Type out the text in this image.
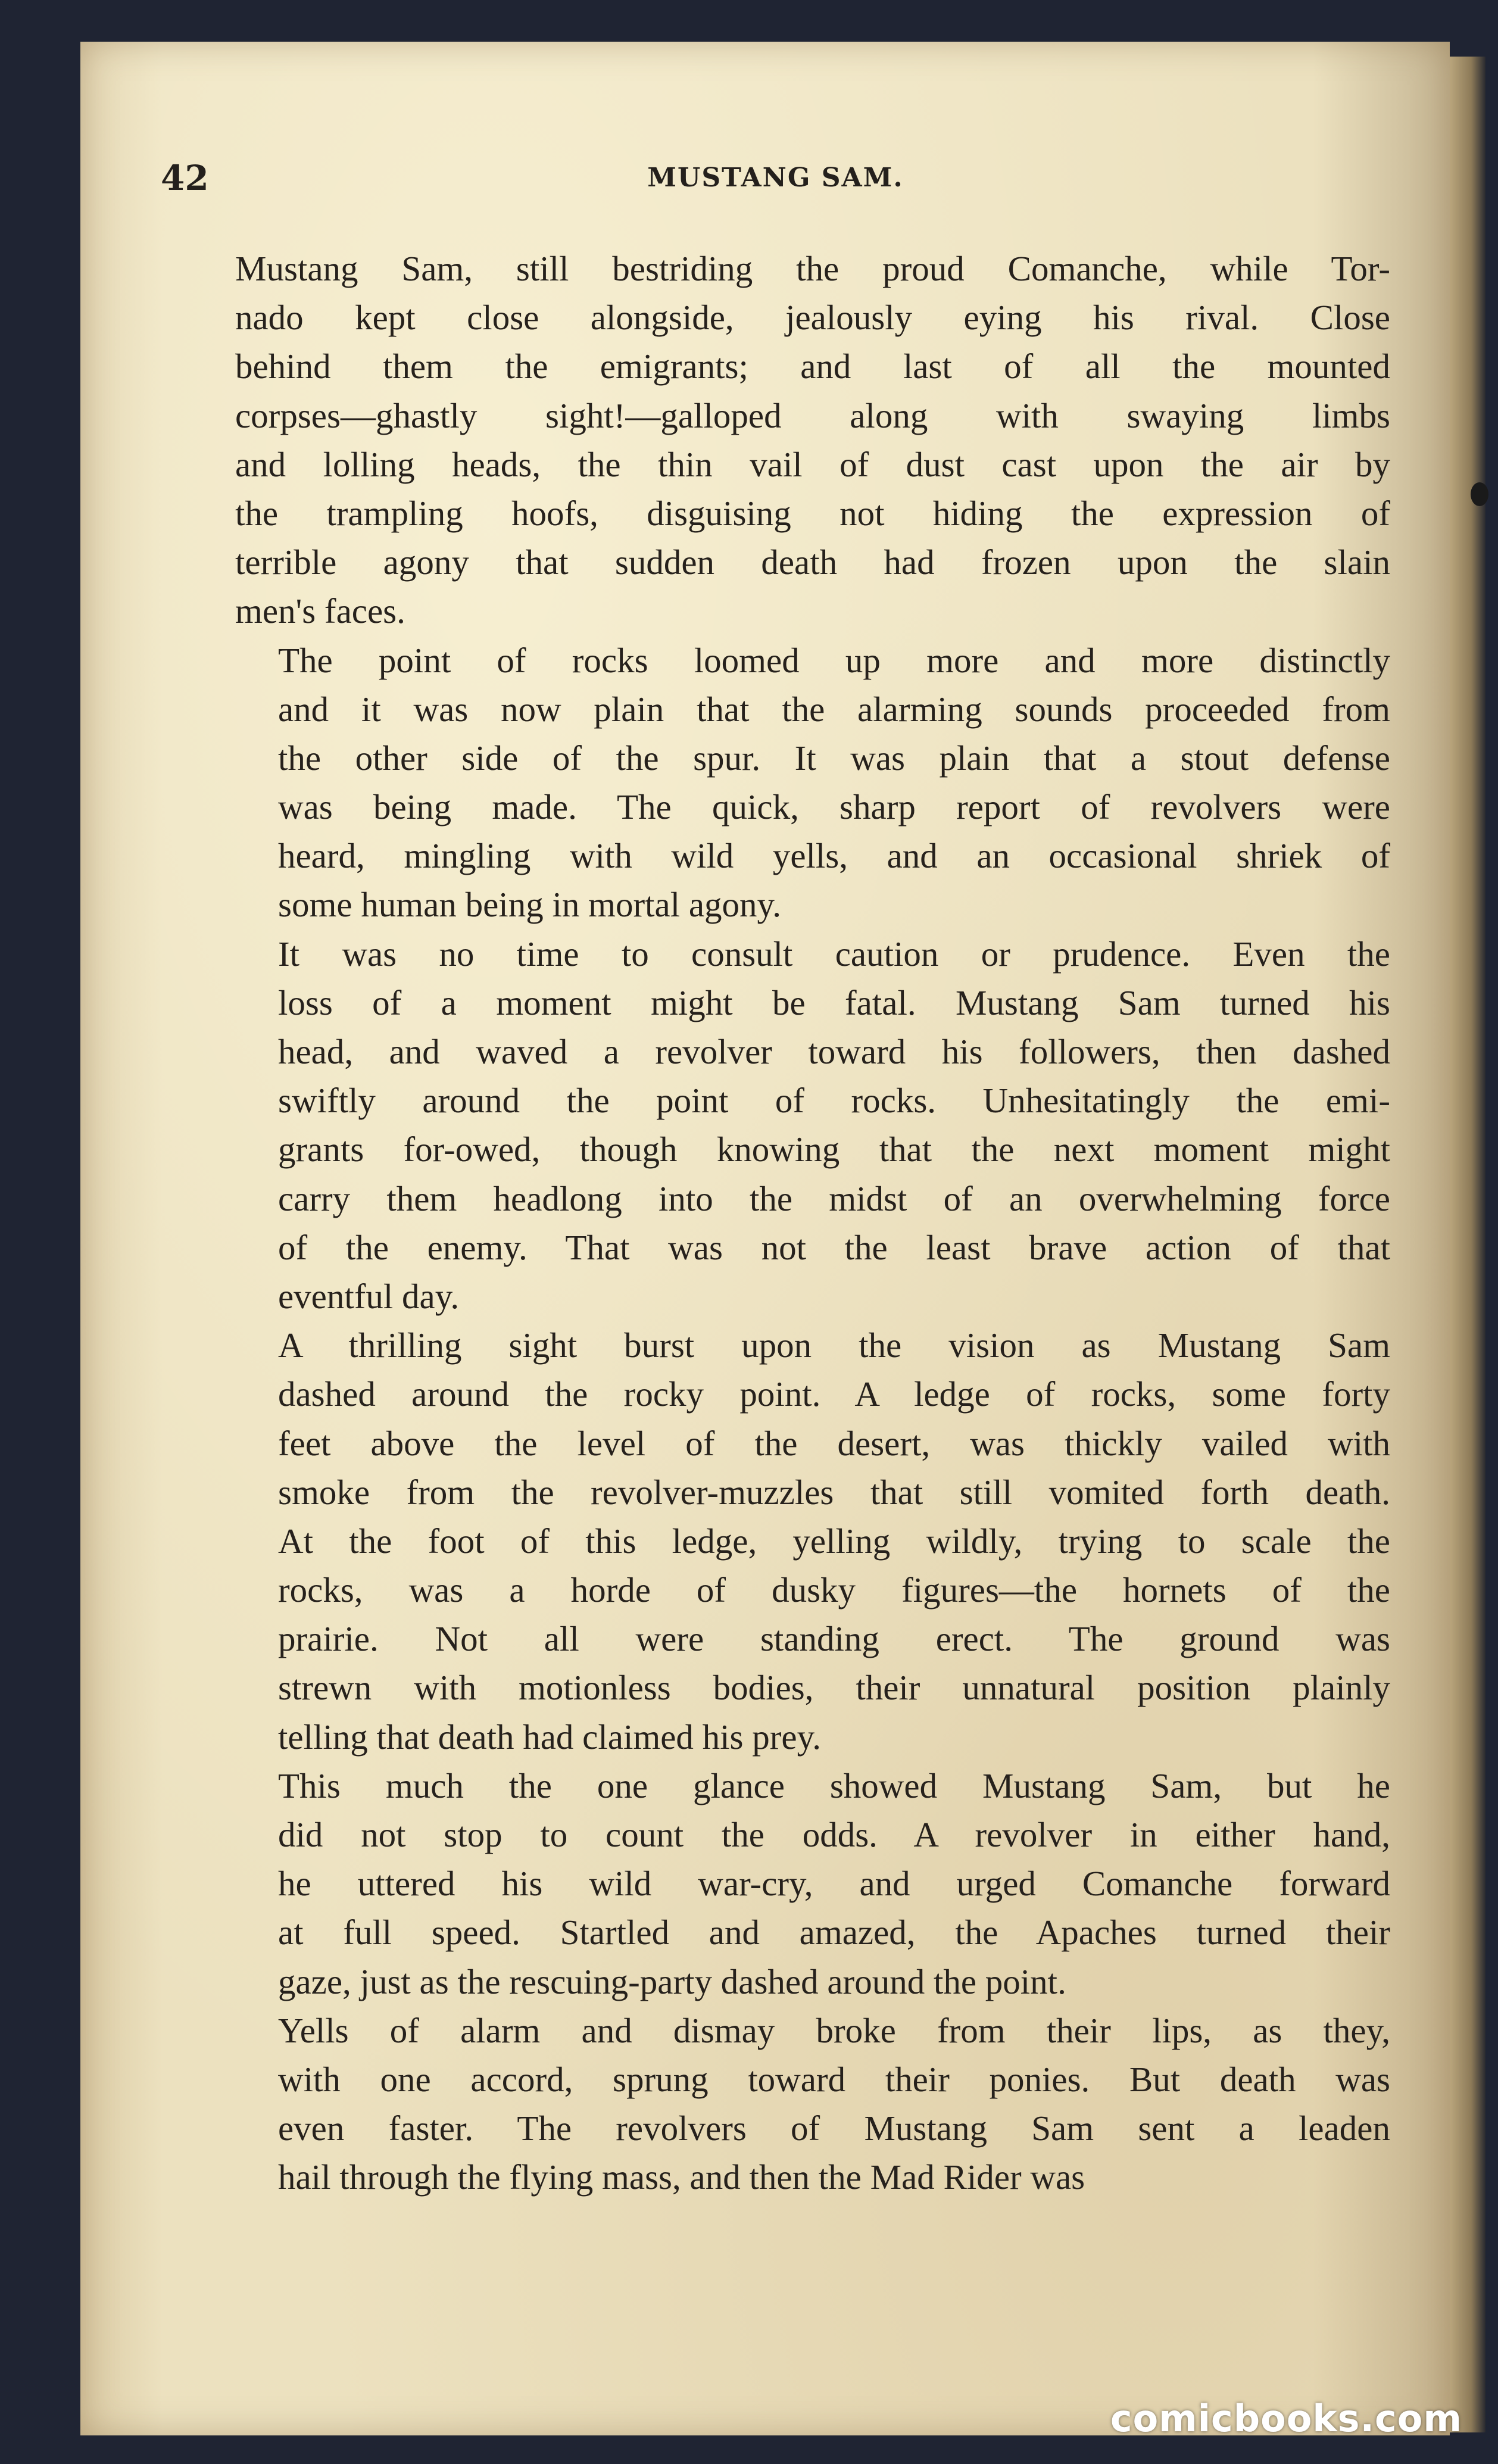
42	MUSTANG SAM.
Mustang Sam, still bestriding the proud Comanche, while Tor-
nado kept close alongside, jealously eying his rival. Close
behind them the emigrants; and last of all the mounted
corpses—ghastly sight!—galloped along with swaying limbs
and lolling heads, the thin vail of dust cast upon the air by
the trampling hoofs, disguising not hiding the expression of
terrible agony that sudden death had frozen upon the slain
men's faces.
The point of rocks loomed up more and more distinctly
and it was now plain that the alarming sounds proceeded from
the other side of the spur. It was plain that a stout defense
was being made. The quick, sharp report of revolvers were
heard, mingling with wild yells, and an occasional shriek of
some human being in mortal agony.
It was no time to consult caution or prudence. Even the
loss of a moment might be fatal. Mustang Sam turned his
head, and waved a revolver toward his followers, then dashed
swiftly around the point of rocks. Unhesitatingly the emi-
grants for-owed, though knowing that the next moment might
carry them headlong into the midst of an overwhelming force
of the enemy. That was not the least brave action of that
eventful day.
A thrilling sight burst upon the vision as Mustang Sam
dashed around the rocky point. A ledge of rocks, some forty
feet above the level of the desert, was thickly vailed with
smoke from the revolver-muzzles that still vomited forth death.
At the foot of this ledge, yelling wildly, trying to scale the
rocks, was a horde of dusky figures—the hornets of the
prairie. Not all were standing erect. The ground was
strewn with motionless bodies, their unnatural position plainly
telling that death had claimed his prey.
This much the one glance showed Mustang Sam, but he
did not stop to count the odds. A revolver in either hand,
he uttered his wild war-cry, and urged Comanche forward
at full speed. Startled and amazed, the Apaches turned their
gaze, just as the rescuing-party dashed around the point.
Yells of alarm and dismay broke from their lips, as they,
with one accord, sprung toward their ponies. But death was
even faster. The revolvers of Mustang Sam sent a leaden
hail through the flying mass, and then the Mad Rider was
comicbooks.com
